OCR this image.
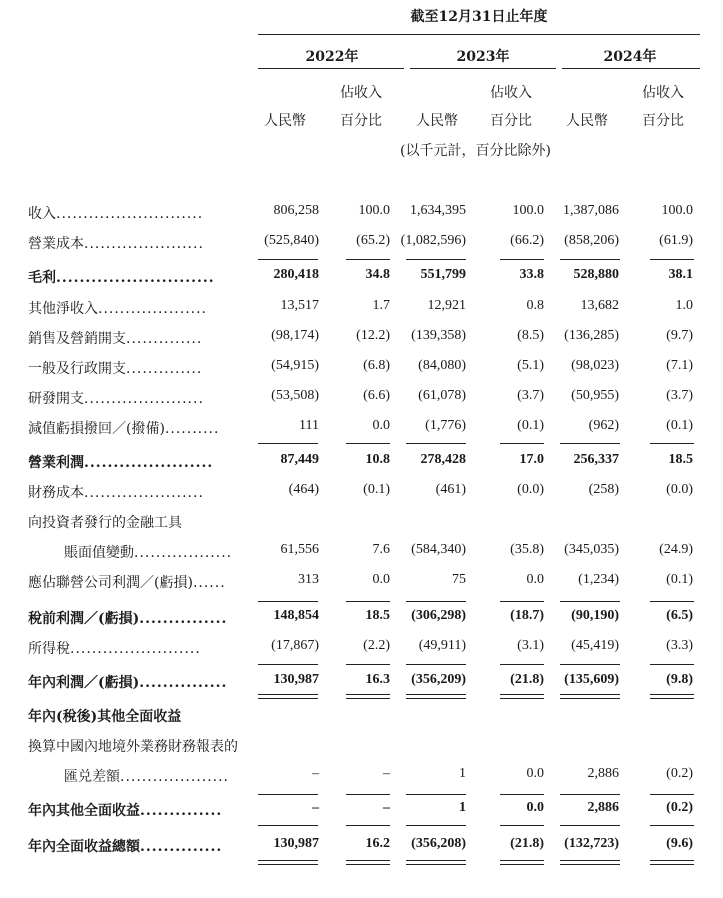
截至12月31日止年度
2022年	2023年	2024年
佔收入	佔收入	佔收入
人民幣 百分比 人民幣 百分比 人民幣 百分比
(以千元計，百分比除外)
收入...........................	806,258	100.0 1,634,395	100.0 1,387,086	100.0
營業成本......................	(525,840)	(65.2) (1,082,596)	(66.2) (858,206)	(61.9)
毛利...........................	280,418	34.8 551,799	33.8 528,880	38.1
其他淨收入....................	13,517	1.7	12,921	0.8	13,682	1.0
銷售及營銷開支..............	(98,174)	(12.2) (139,358)	(8.5) (136,285)	(9.7)
一般及行政開支..............	(54,915)	(6.8) (84,080)	(5.1) (98,023)	(7.1)
研發開支......................	(53,508)	(6.6) (61,078)	(3.7) (50,955)	(3.7)
減值虧損撥回／(撥備)..........	111	0.0	(1,776)	(0.1)	(962)	(0.1)
營業利潤......................	87,449	10.8 278,428	17.0 256,337	18.5
財務成本......................	(464)	(0.1)	(461)	(0.0)	(258)	(0.0)
向投資者發行的金融工具
賬面值變動..................	61,556	7.6 (584,340)	(35.8) (345,035)	(24.9)
應佔聯營公司利潤／(虧損)......	313	0.0	75	0.0 (1,234)	(0.1)
稅前利潤／(虧損)...............	148,854	18.5 (306,298)	(18.7) (90,190)	(6.5)
所得稅........................	(17,867)	(2.2) (49,911)	(3.1) (45,419)	(3.3)
年內利潤／(虧損)...............	130,987	16.3 (356,209)	(21.8) (135,609)	(9.8)
年內(稅後)其他全面收益
換算中國內地境外業務財務報表的
匯兑差額....................	–	–	1	0.0	2,886	(0.2)
年內其他全面收益..............	–	–	1	0.0	2,886	(0.2)
年內全面收益總額..............	130,987	16.2 (356,208)	(21.8) (132,723)	(9.6)
